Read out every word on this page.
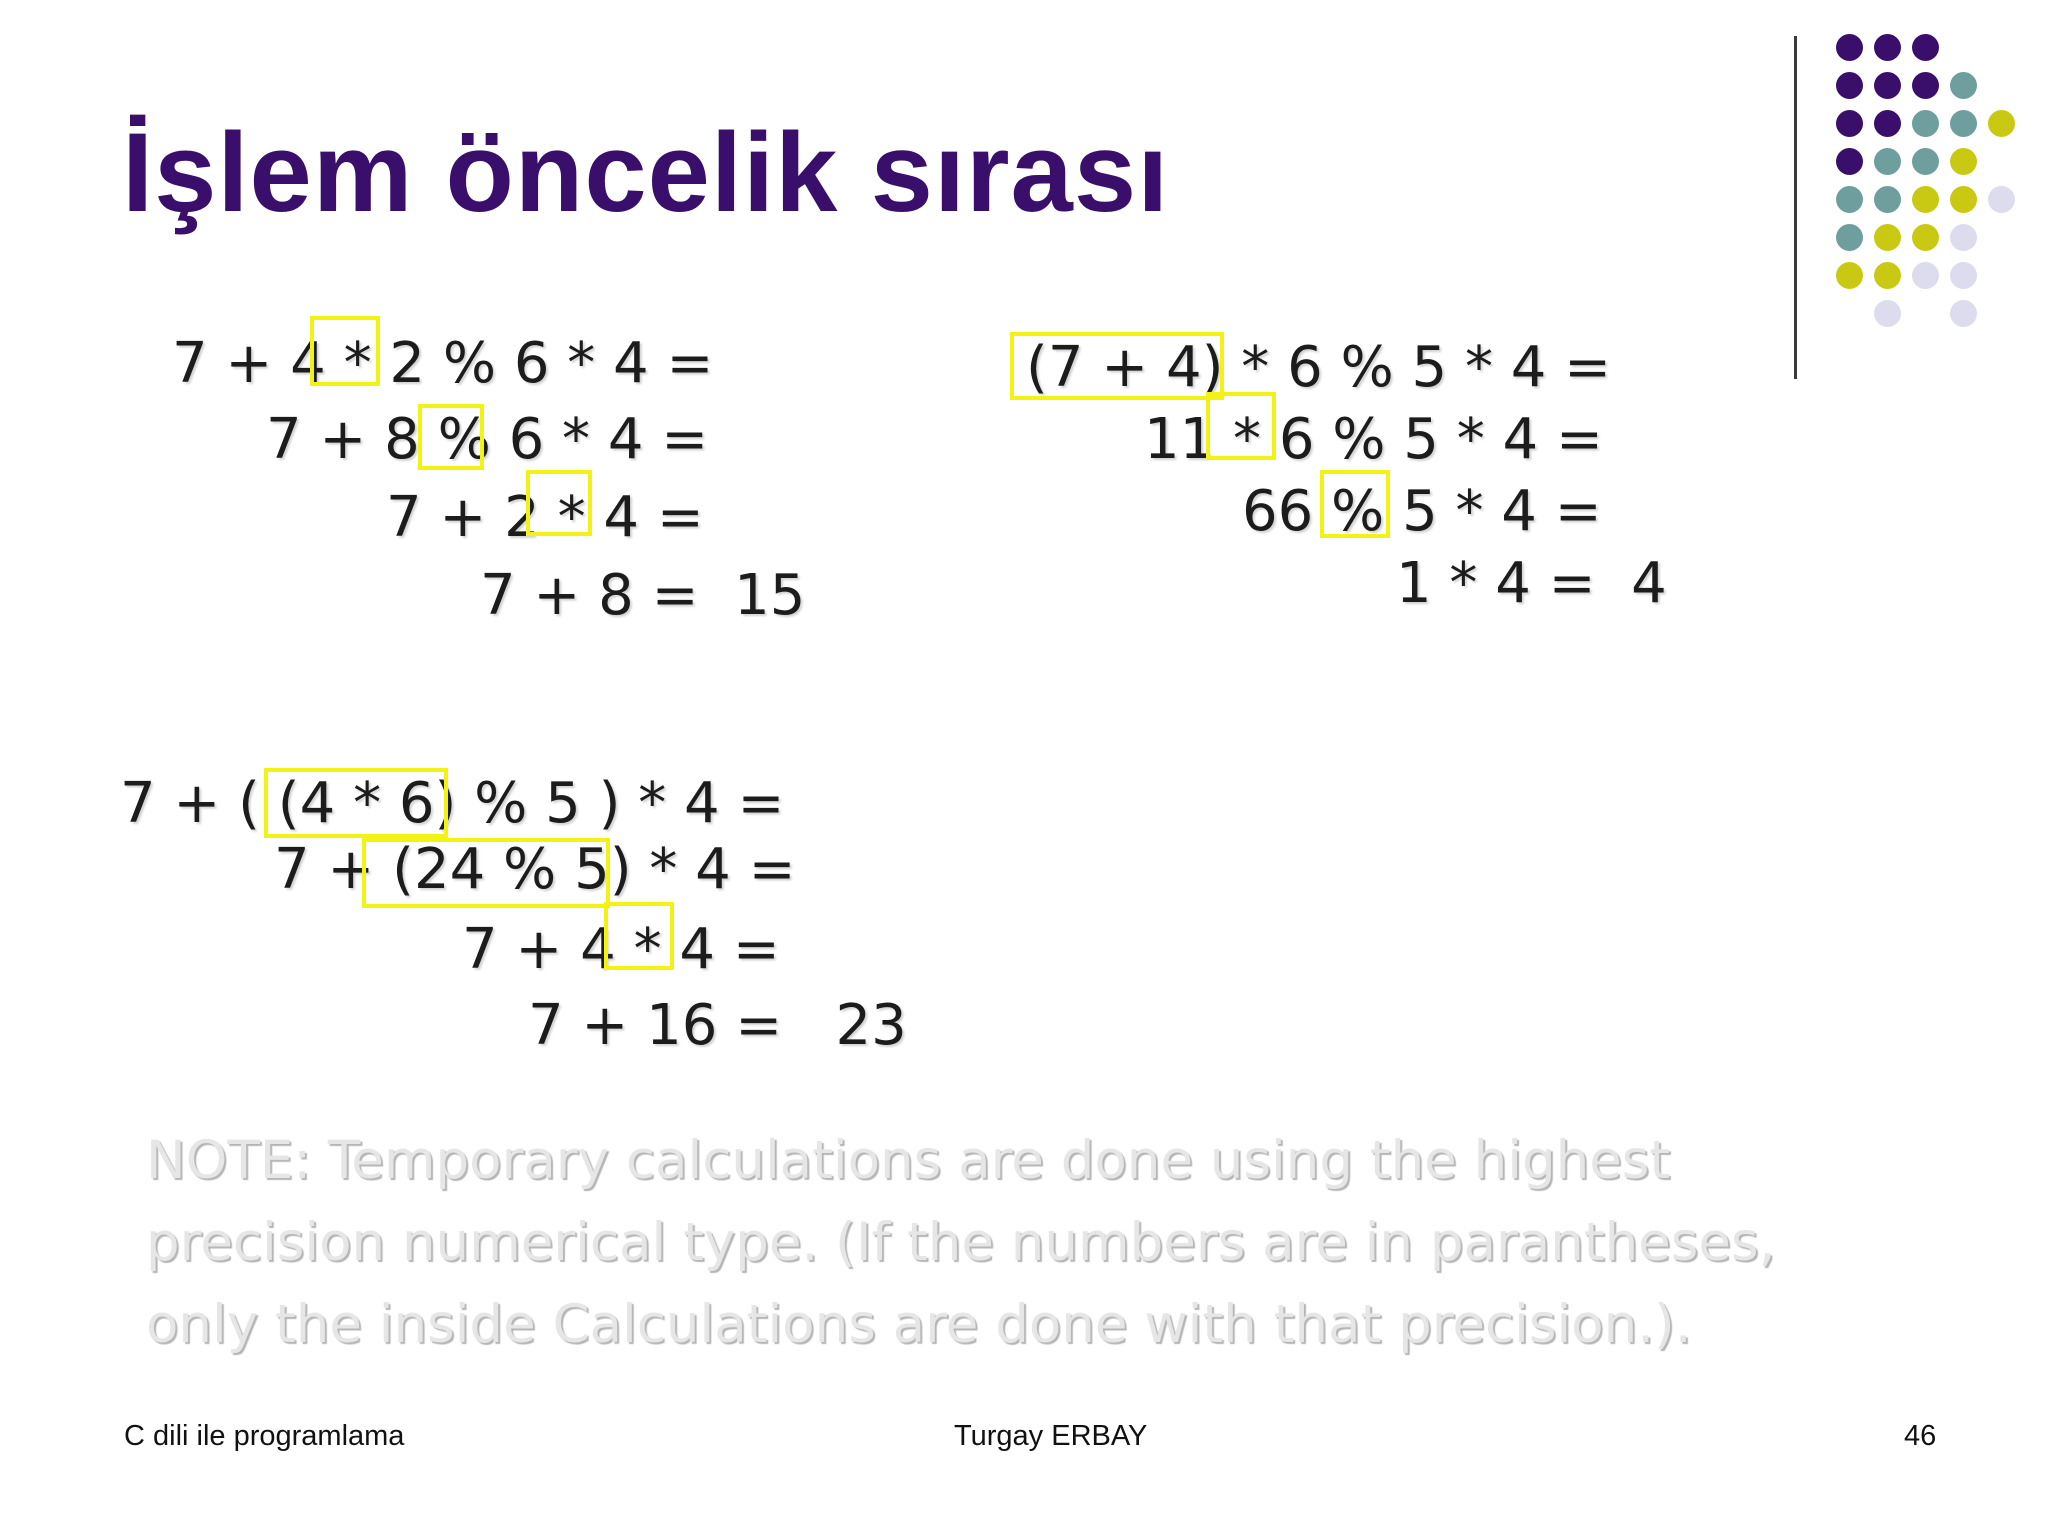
İşlem öncelik sırası
7 + 4 * 2 % 6 * 4 =
7 + 8 % 6 * 4 =
7 + 2 * 4 =
7 + 8 =  15
(7 + 4) * 6 % 5 * 4 =
11 * 6 % 5 * 4 =
66 % 5 * 4 =
1 * 4 =  4
7 + ( (4 * 6) % 5 ) * 4 =
7 + (24 % 5) * 4 =
7 + 4 * 4 =
7 + 16 =   23
NOTE: Temporary calculations are done using the highest precision numerical type. (If the numbers are in parantheses, only the inside Calculations are done with that precision.).
C dili ile programlama	Turgay ERBAY	46
